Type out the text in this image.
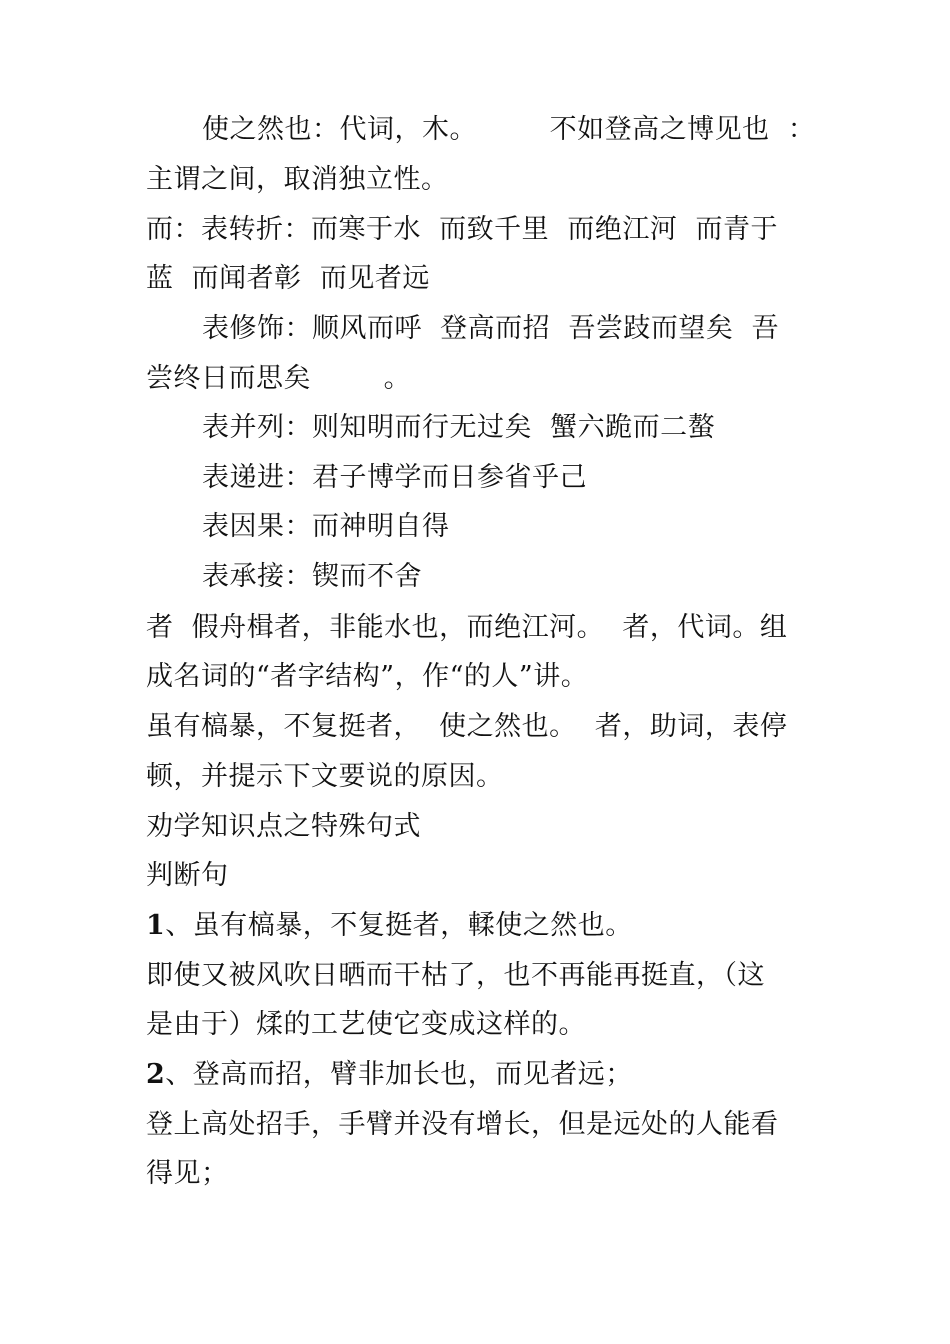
使之然也：代词，木。        不如登高之博见也  ：
主谓之间，取消独立性。
而：表转折：而寒于水  而致千里  而绝江河  而青于
蓝  而闻者彰  而见者远
表修饰：顺风而呼  登高而招  吾尝跂而望矣  吾
尝终日而思矣        。
表并列：则知明而行无过矣  蟹六跪而二螯
表递进：君子博学而日参省乎己
表因果：而神明自得
表承接：锲而不舍
者  假舟楫者，非能水也，而绝江河。  者，代词。组
成名词的“者字结构”，作“的人”讲。
虽有槁暴，不复挺者，  使之然也。  者，助词，表停
顿，并提示下文要说的原因。
劝学知识点之特殊句式
判断句
1、虽有槁暴，不复挺者，輮使之然也。
即使又被风吹日晒而干枯了，也不再能再挺直，（这
是由于）煣的工艺使它变成这样的。
2、登高而招，臂非加长也，而见者远；
登上高处招手，手臂并没有增长，但是远处的人能看
得见；
